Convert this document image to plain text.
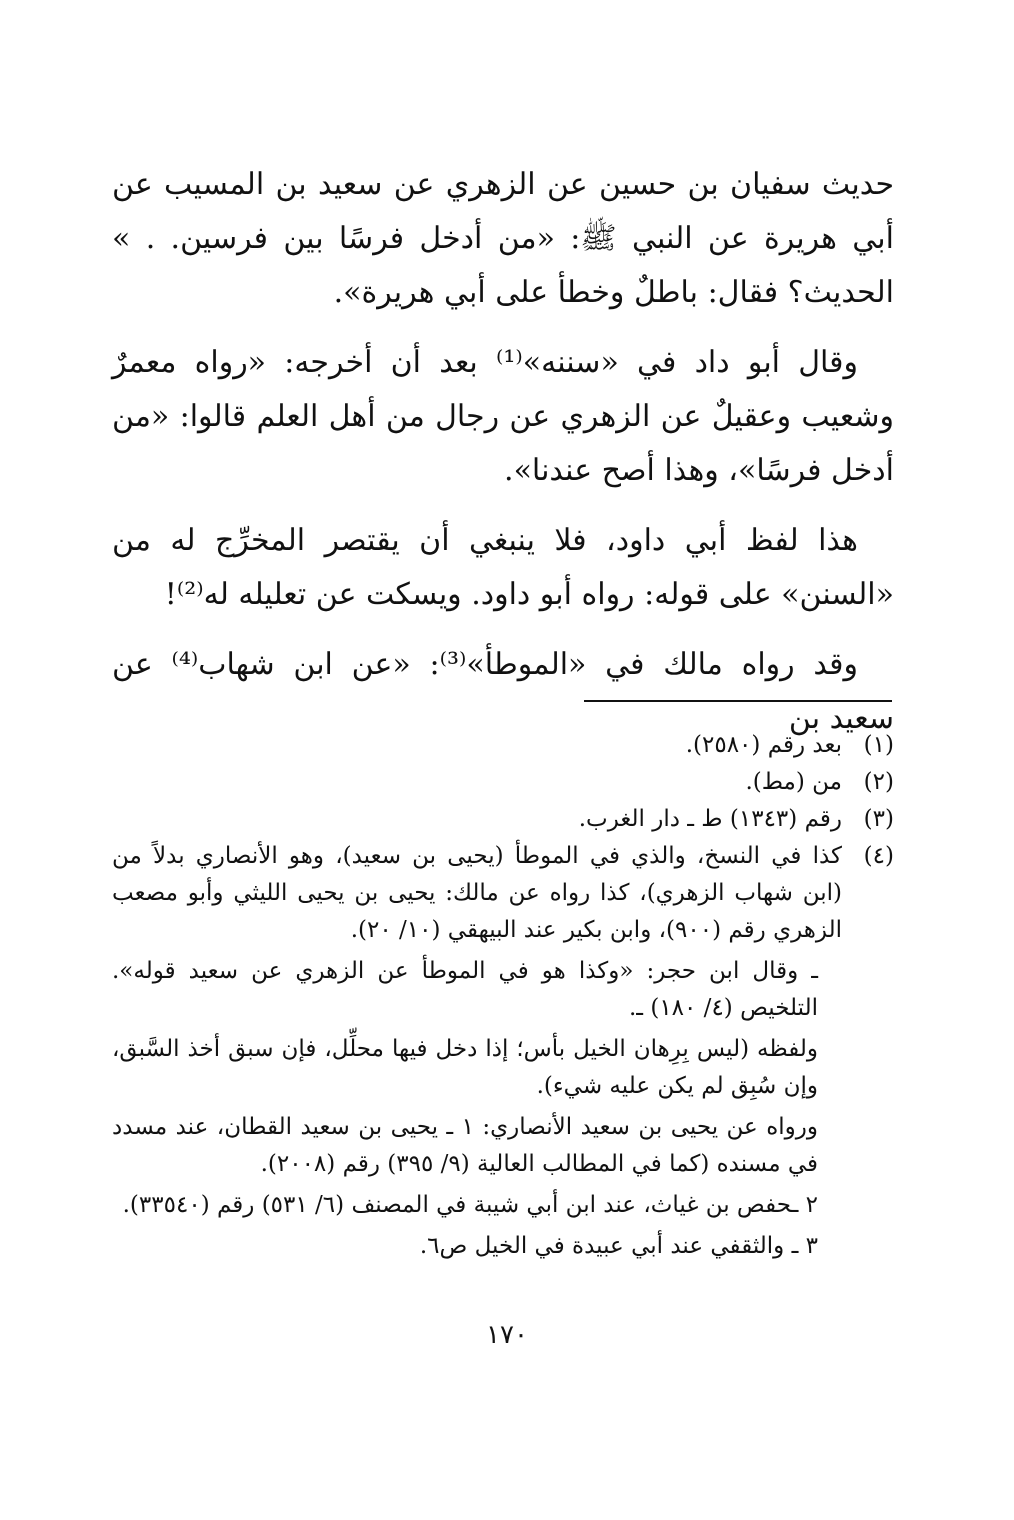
حديث سفيان بن حسين عن الزهري عن سعيد بن المسيب عن أبي هريرة عن النبي ﷺ: «من أدخل فرسًا بين فرسين. . » الحديث؟ فقال: باطلٌ وخطأ على أبي هريرة».

وقال أبو داد في «سننه»⁽¹⁾ بعد أن أخرجه: «رواه معمرٌ وشعيب وعقيلٌ عن الزهري عن رجال من أهل العلم قالوا: «من أدخل فرسًا»، وهذا أصح عندنا».

هذا لفظ أبي داود، فلا ينبغي أن يقتصر المخرِّج له من «السنن» على قوله: رواه أبو داود. ويسكت عن تعليله له⁽²⁾!

وقد رواه مالك في «الموطأ»⁽³⁾: «عن ابن شهاب⁽⁴⁾ عن سعيد بن

(١)
بعد رقم (٢٥٨٠).
(٢)
من (مط).
(٣)
رقم (١٣٤٣) ط ـ دار الغرب.
(٤)
كذا في النسخ، والذي في الموطأ (يحيى بن سعيد)، وهو الأنصاري بدلاً من (ابن شهاب الزهري)، كذا رواه عن مالك: يحيى بن يحيى الليثي وأبو مصعب الزهري رقم (٩٠٠)، وابن بكير عند البيهقي (١٠/ ٢٠).

ـ وقال ابن حجر: «وكذا هو في الموطأ عن الزهري عن سعيد قوله». التلخيص (٤/ ١٨٠) ـ.

ولفظه (ليس بِرِهان الخيل بأس؛ إذا دخل فيها محلِّل، فإن سبق أخذ السَّبق، وإن سُبِق لم يكن عليه شيء).

ورواه عن يحيى بن سعيد الأنصاري: ١ ـ يحيى بن سعيد القطان، عند مسدد في مسنده (كما في المطالب العالية (٩/ ٣٩٥) رقم (٢٠٠٨).

٢ ـحفص بن غياث، عند ابن أبي شيبة في المصنف (٦/ ٥٣١) رقم (٣٣٥٤٠).

٣ ـ والثقفي عند أبي عبيدة في الخيل ص٦.

١٧٠
